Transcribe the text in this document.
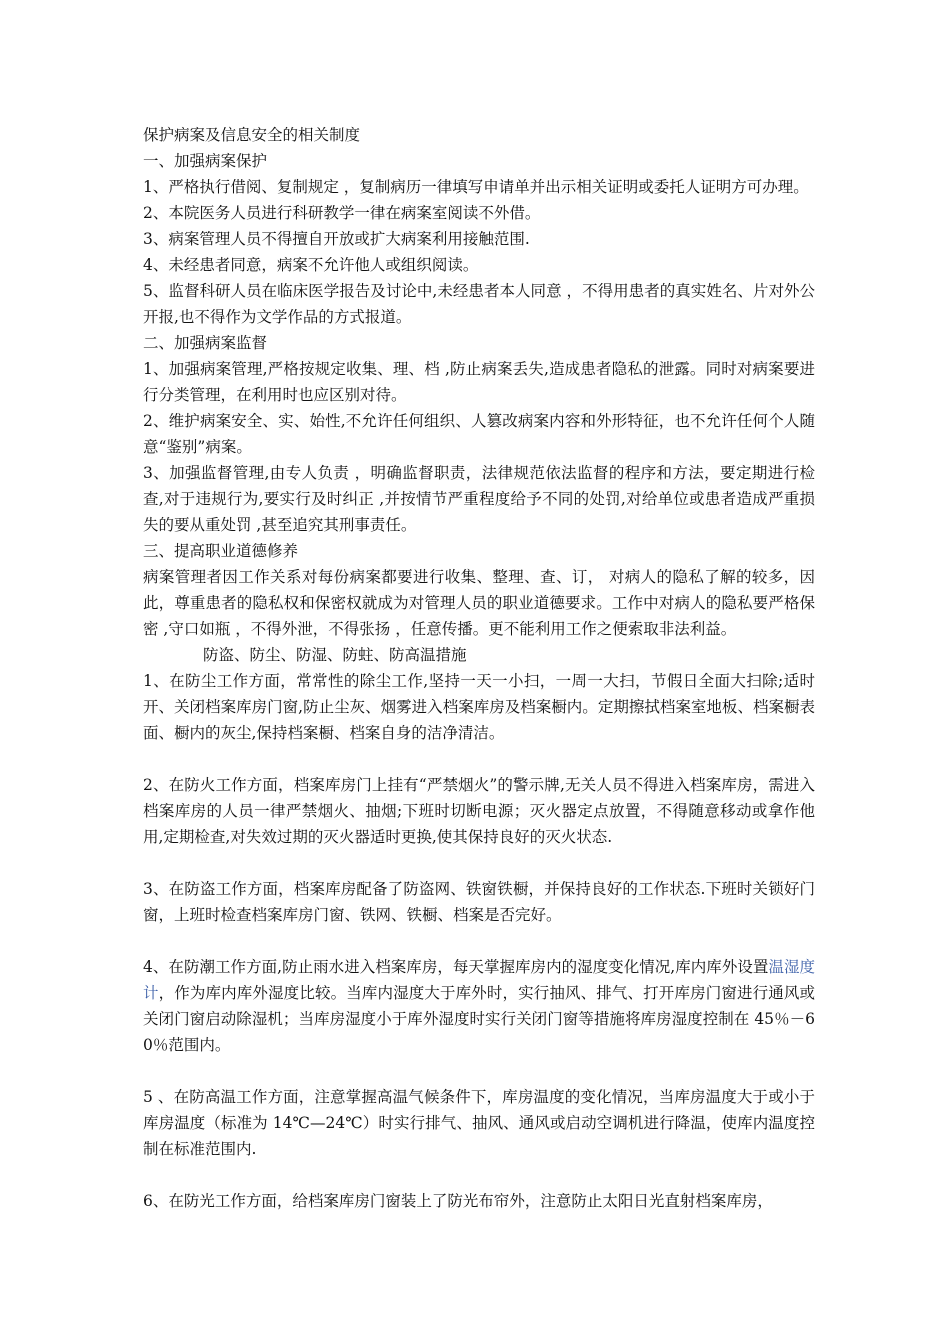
保护病案及信息安全的相关制度
一、加强病案保护
1、严格执行借阅、复制规定 ，复制病历一律填写申请单并出示相关证明或委托人证明方可办理。
2、本院医务人员进行科研教学一律在病案室阅读不外借。
3、病案管理人员不得擅自开放或扩大病案利用接触范围.
4、未经患者同意，病案不允许他人或组织阅读。
5、监督科研人员在临床医学报告及讨论中,未经患者本人同意 ，不得用患者的真实姓名、片对外公开报,也不得作为文学作品的方式报道。
二、加强病案监督
1、加强病案管理,严格按规定收集、理、档 ,防止病案丢失,造成患者隐私的泄露。同时对病案要进行分类管理，在利用时也应区别对待。
2、维护病案安全、实、始性,不允许任何组织、人篡改病案内容和外形特征，也不允许任何个人随意“鉴别”病案。
3、加强监督管理,由专人负责 ，明确监督职责，法律规范依法监督的程序和方法，要定期进行检查,对于违规行为,要实行及时纠正 ,并按情节严重程度给予不同的处罚,对给单位或患者造成严重损失的要从重处罚 ,甚至追究其刑事责任。
三、提高职业道德修养
病案管理者因工作关系对每份病案都要进行收集、整理、查、订， 对病人的隐私了解的较多，因此，尊重患者的隐私权和保密权就成为对管理人员的职业道德要求。工作中对病人的隐私要严格保密 ,守口如瓶 ，不得外泄，不得张扬 ，任意传播。更不能利用工作之便索取非法利益。
防盗、防尘、防湿、防蛀、防高温措施
1、在防尘工作方面，常常性的除尘工作,坚持一天一小扫，一周一大扫，节假日全面大扫除;适时开、关闭档案库房门窗,防止尘灰、烟雾进入档案库房及档案橱内。定期擦拭档案室地板、档案橱表面、橱内的灰尘,保持档案橱、档案自身的洁净清洁。
2、在防火工作方面，档案库房门上挂有“严禁烟火”的警示牌,无关人员不得进入档案库房，需进入档案库房的人员一律严禁烟火、抽烟;下班时切断电源；灭火器定点放置，不得随意移动或拿作他用,定期检查,对失效过期的灭火器适时更换,使其保持良好的灭火状态.
3、在防盗工作方面，档案库房配备了防盗网、铁窗铁橱，并保持良好的工作状态.下班时关锁好门窗，上班时检查档案库房门窗、铁网、铁橱、档案是否完好。
4、在防潮工作方面,防止雨水进入档案库房，每天掌握库房内的湿度变化情况,库内库外设置温湿度计，作为库内库外湿度比较。当库内湿度大于库外时，实行抽风、排气、打开库房门窗进行通风或关闭门窗启动除湿机；当库房湿度小于库外湿度时实行关闭门窗等措施将库房湿度控制在 45％－60％范围内。
5 、在防高温工作方面，注意掌握高温气候条件下，库房温度的变化情况，当库房温度大于或小于库房温度（标准为 14℃—24℃）时实行排气、抽风、通风或启动空调机进行降温，使库内温度控制在标准范围内.
6、在防光工作方面，给档案库房门窗装上了防光布帘外，注意防止太阳日光直射档案库房，
